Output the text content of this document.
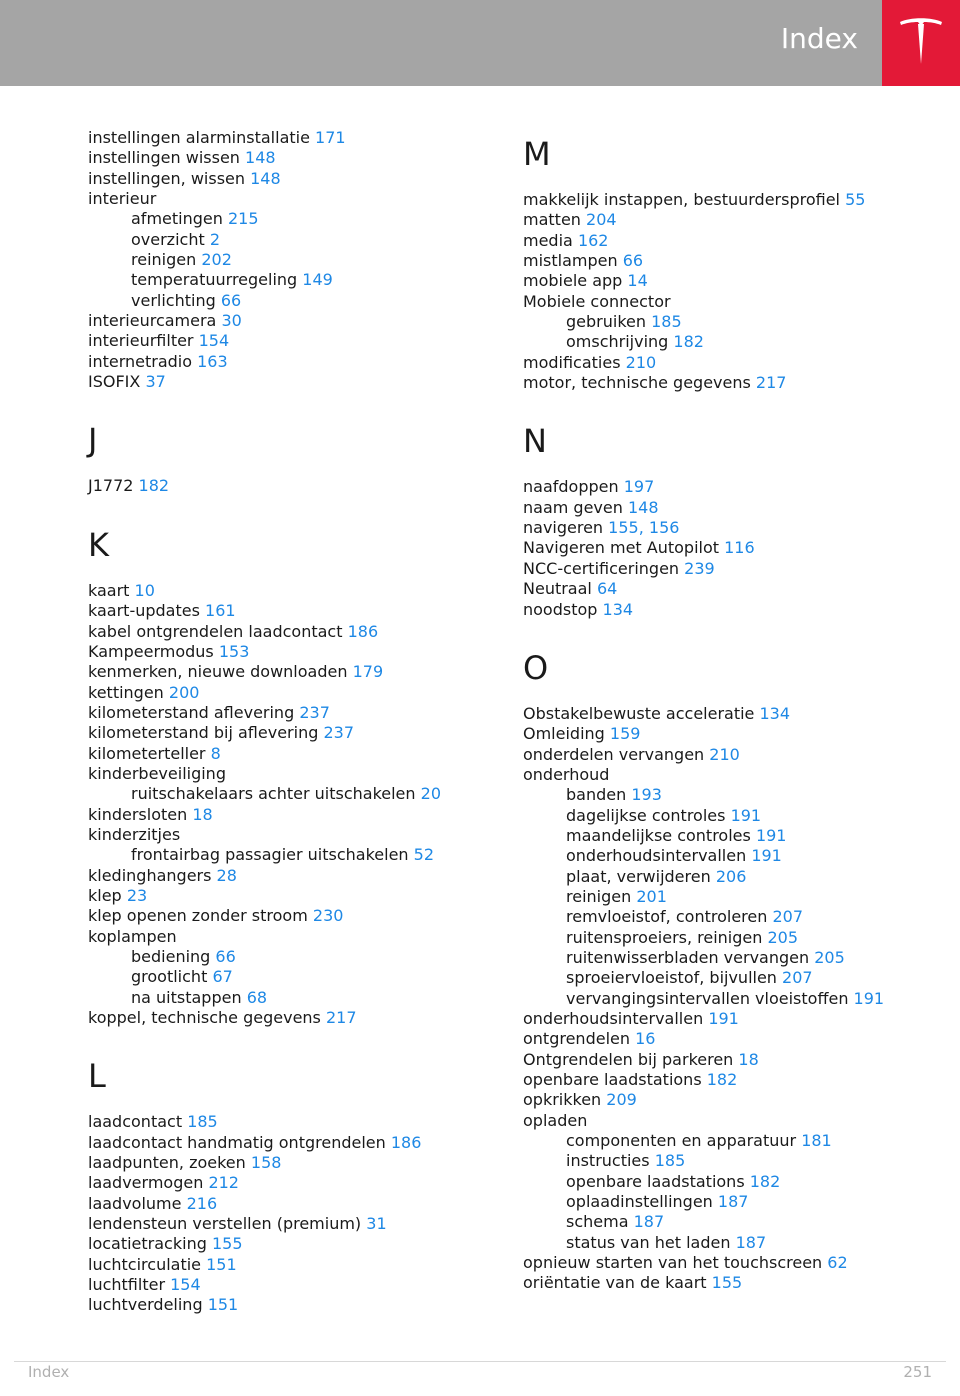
Index
instellingen alarminstallatie 171
instellingen wissen 148
instellingen, wissen 148
interieur
afmetingen 215
overzicht 2
reinigen 202
temperatuurregeling 149
verlichting 66
interieurcamera 30
interieurfilter 154
internetradio 163
ISOFIX 37
J
J1772 182
K
kaart 10
kaart-updates 161
kabel ontgrendelen laadcontact 186
Kampeermodus 153
kenmerken, nieuwe downloaden 179
kettingen 200
kilometerstand aflevering 237
kilometerstand bij aflevering 237
kilometerteller 8
kinderbeveiliging
ruitschakelaars achter uitschakelen 20
kindersloten 18
kinderzitjes
frontairbag passagier uitschakelen 52
kledinghangers 28
klep 23
klep openen zonder stroom 230
koplampen
bediening 66
grootlicht 67
na uitstappen 68
koppel, technische gegevens 217
L
laadcontact 185
laadcontact handmatig ontgrendelen 186
laadpunten, zoeken 158
laadvermogen 212
laadvolume 216
lendensteun verstellen (premium) 31
locatietracking 155
luchtcirculatie 151
luchtfilter 154
luchtverdeling 151
M
makkelijk instappen, bestuurdersprofiel 55
matten 204
media 162
mistlampen 66
mobiele app 14
Mobiele connector
gebruiken 185
omschrijving 182
modificaties 210
motor, technische gegevens 217
N
naafdoppen 197
naam geven 148
navigeren 155, 156
Navigeren met Autopilot 116
NCC-certificeringen 239
Neutraal 64
noodstop 134
O
Obstakelbewuste acceleratie 134
Omleiding 159
onderdelen vervangen 210
onderhoud
banden 193
dagelijkse controles 191
maandelijkse controles 191
onderhoudsintervallen 191
plaat, verwijderen 206
reinigen 201
remvloeistof, controleren 207
ruitensproeiers, reinigen 205
ruitenwisserbladen vervangen 205
sproeiervloeistof, bijvullen 207
vervangingsintervallen vloeistoffen 191
onderhoudsintervallen 191
ontgrendelen 16
Ontgrendelen bij parkeren 18
openbare laadstations 182
opkrikken 209
opladen
componenten en apparatuur 181
instructies 185
openbare laadstations 182
oplaadinstellingen 187
schema 187
status van het laden 187
opnieuw starten van het touchscreen 62
oriëntatie van de kaart 155
Index	251
